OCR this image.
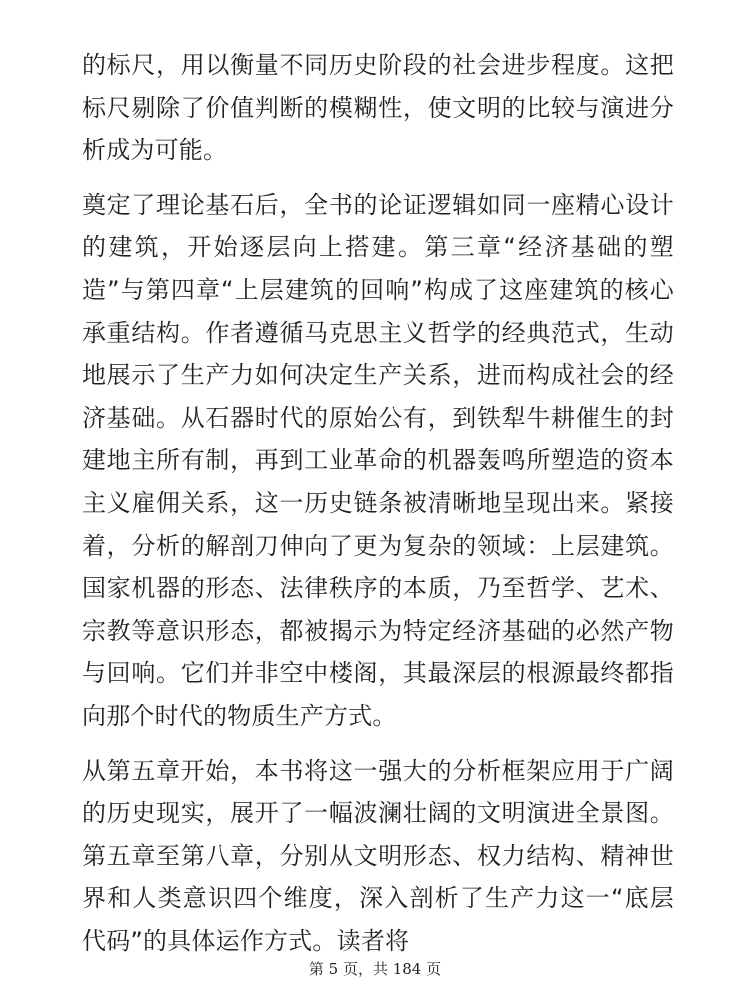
的标尺，用以衡量不同历史阶段的社会进步程度。这把标尺剔除了价值判断的模糊性，使文明的比较与演进分析成为可能。

奠定了理论基石后，全书的论证逻辑如同一座精心设计的建筑，开始逐层向上搭建。第三章“经济基础的塑造”与第四章“上层建筑的回响”构成了这座建筑的核心承重结构。作者遵循马克思主义哲学的经典范式，生动地展示了生产力如何决定生产关系，进而构成社会的经济基础。从石器时代的原始公有，到铁犁牛耕催生的封建地主所有制，再到工业革命的机器轰鸣所塑造的资本主义雇佣关系，这一历史链条被清晰地呈现出来。紧接着，分析的解剖刀伸向了更为复杂的领域：上层建筑。国家机器的形态、法律秩序的本质，乃至哲学、艺术、宗教等意识形态，都被揭示为特定经济基础的必然产物与回响。它们并非空中楼阁，其最深层的根源最终都指向那个时代的物质生产方式。

从第五章开始，本书将这一强大的分析框架应用于广阔的历史现实，展开了一幅波澜壮阔的文明演进全景图。第五章至第八章，分别从文明形态、权力结构、精神世界和人类意识四个维度，深入剖析了生产力这一“底层代码”的具体运作方式。读者将

第 5 页，共 184 页
